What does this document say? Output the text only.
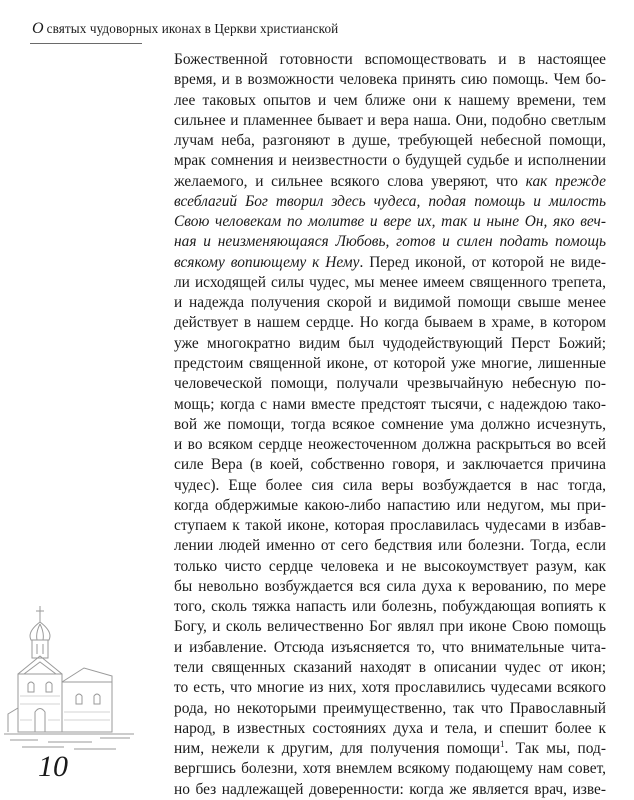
О святых чудоворных иконах в Церкви христианской
Божественной готовности вспомоществовать и в настоящее
время, и в возможности человека принять сию помощь. Чем бо-
лее таковых опытов и чем ближе они к нашему времени, тем
сильнее и пламеннее бывает и вера наша. Они, подобно светлым
лучам неба, разгоняют в душе, требующей небесной помощи,
мрак сомнения и неизвестности о будущей судьбе и исполнении
желаемого, и сильнее всякого слова уверяют, что как прежде
всеблагий Бог творил здесь чудеса, подая помощь и милость
Свою человекам по молитве и вере их, так и ныне Он, яко веч-
ная и неизменяющаяся Любовь, готов и силен подать помощь
всякому вопиющему к Нему. Перед иконой, от которой не виде-
ли исходящей силы чудес, мы менее имеем священного трепета,
и надежда получения скорой и видимой помощи свыше менее
действует в нашем сердце. Но когда бываем в храме, в котором
уже многократно видим был чудодействующий Перст Божий;
предстоим священной иконе, от которой уже многие, лишенные
человеческой помощи, получали чрезвычайную небесную по-
мощь; когда с нами вместе предстоят тысячи, с надеждою тако-
вой же помощи, тогда всякое сомнение ума должно исчезнуть,
и во всяком сердце неожесточенном должна раскрыться во всей
силе Вера (в коей, собственно говоря, и заключается причина
чудес). Еще более сия сила веры возбуждается в нас тогда,
когда обдержимые какою-либо напастию или недугом, мы при-
ступаем к такой иконе, которая прославилась чудесами в избав-
лении людей именно от сего бедствия или болезни. Тогда, если
только чисто сердце человека и не высокоумствует разум, как
бы невольно возбуждается вся сила духа к верованию, по мере
того, сколь тяжка напасть или болезнь, побуждающая вопиять к
Богу, и сколь величественно Бог являл при иконе Свою помощь
и избавление. Отсюда изъясняется то, что внимательные чита-
тели священных сказаний находят в описании чудес от икон;
то есть, что многие из них, хотя прославились чудесами всякого
рода, но некоторыми преимущественно, так что Православный
народ, в известных состояниях духа и тела, и спешит более к
ним, нежели к другим, для получения помощи$^1$. Так мы, под-
вергшись болезни, хотя внемлем всякому подающему нам совет,
но без надлежащей доверенности: когда же является врач, изве-
10
